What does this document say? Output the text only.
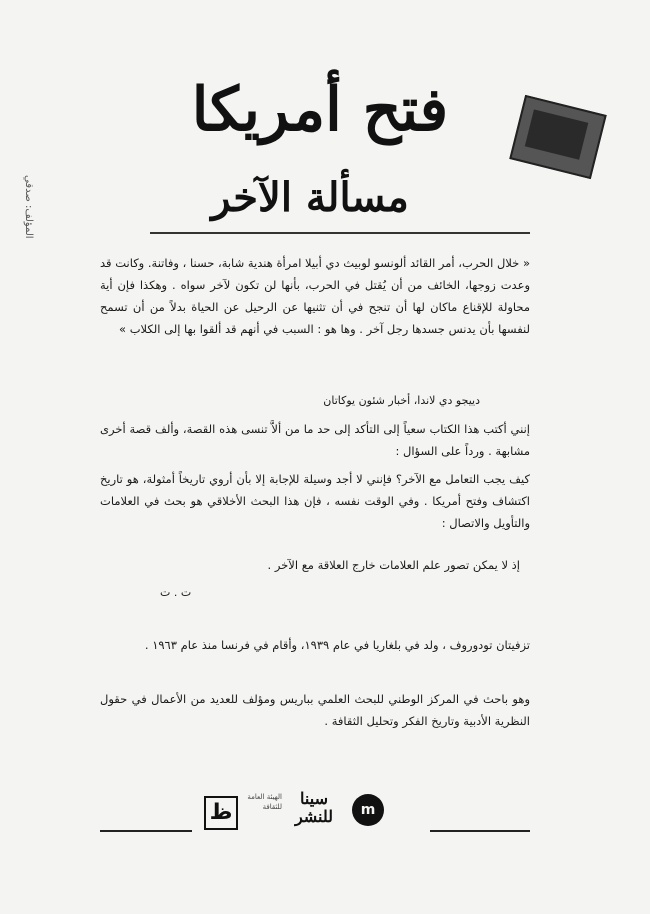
فتح أمريكا
مسألة الآخر
المؤلف: صدقي
« خلال الحرب، أمر القائد ألونسو لوبيث دي أبيلا امرأة هندية شابة، حسنا ، وفاتنة. وكانت قد وعدت زوجها، الخائف من أن يُقتل في الحرب، بأنها لن تكون لآخر سواه . وهكذا فإن أية محاولة للإقناع ماكان لها أن تنجح في أن تثنيها عن الرحيل عن الحياة بدلاً من أن تسمح لنفسها بأن يدنس جسدها رجل آخر . وها هو : السبب في أنهم قد ألقوا بها إلى الكلاب »
دييجو دي لاندا، أخبار شئون يوكاتان
إنني أكتب هذا الكتاب سعياً إلى التأكد إلى حد ما من ألاَّ تنسى هذه القصة، وألف قصة أخرى مشابهة . ورداً على السؤال :
كيف يجب التعامل مع الآخر؟ فإنني لا أجد وسيلة للإجابة إلا بأن أروي تاريخاً أمثولة، هو تاريخ اكتشاف وفتح أمريكا . وفي الوقت نفسه ، فإن هذا البحث الأخلاقي هو بحث في العلامات والتأويل والاتصال :
إذ لا يمكن تصور علم العلامات خارج العلاقة مع الآخر .
ت . ت
تزفيتان تودوروف ، ولد في بلغاريا في عام ١٩٣٩، وأقام في فرنسا منذ عام ١٩٦٣ .
وهو باحث في المركز الوطني للبحث العلمي بباريس ومؤلف للعديد من الأعمال في حقول النظرية الأدبية وتاريخ الفكر وتحليل الثقافة .
ظ
الهيئة العامة للثقافة	سينا للنشر	m
